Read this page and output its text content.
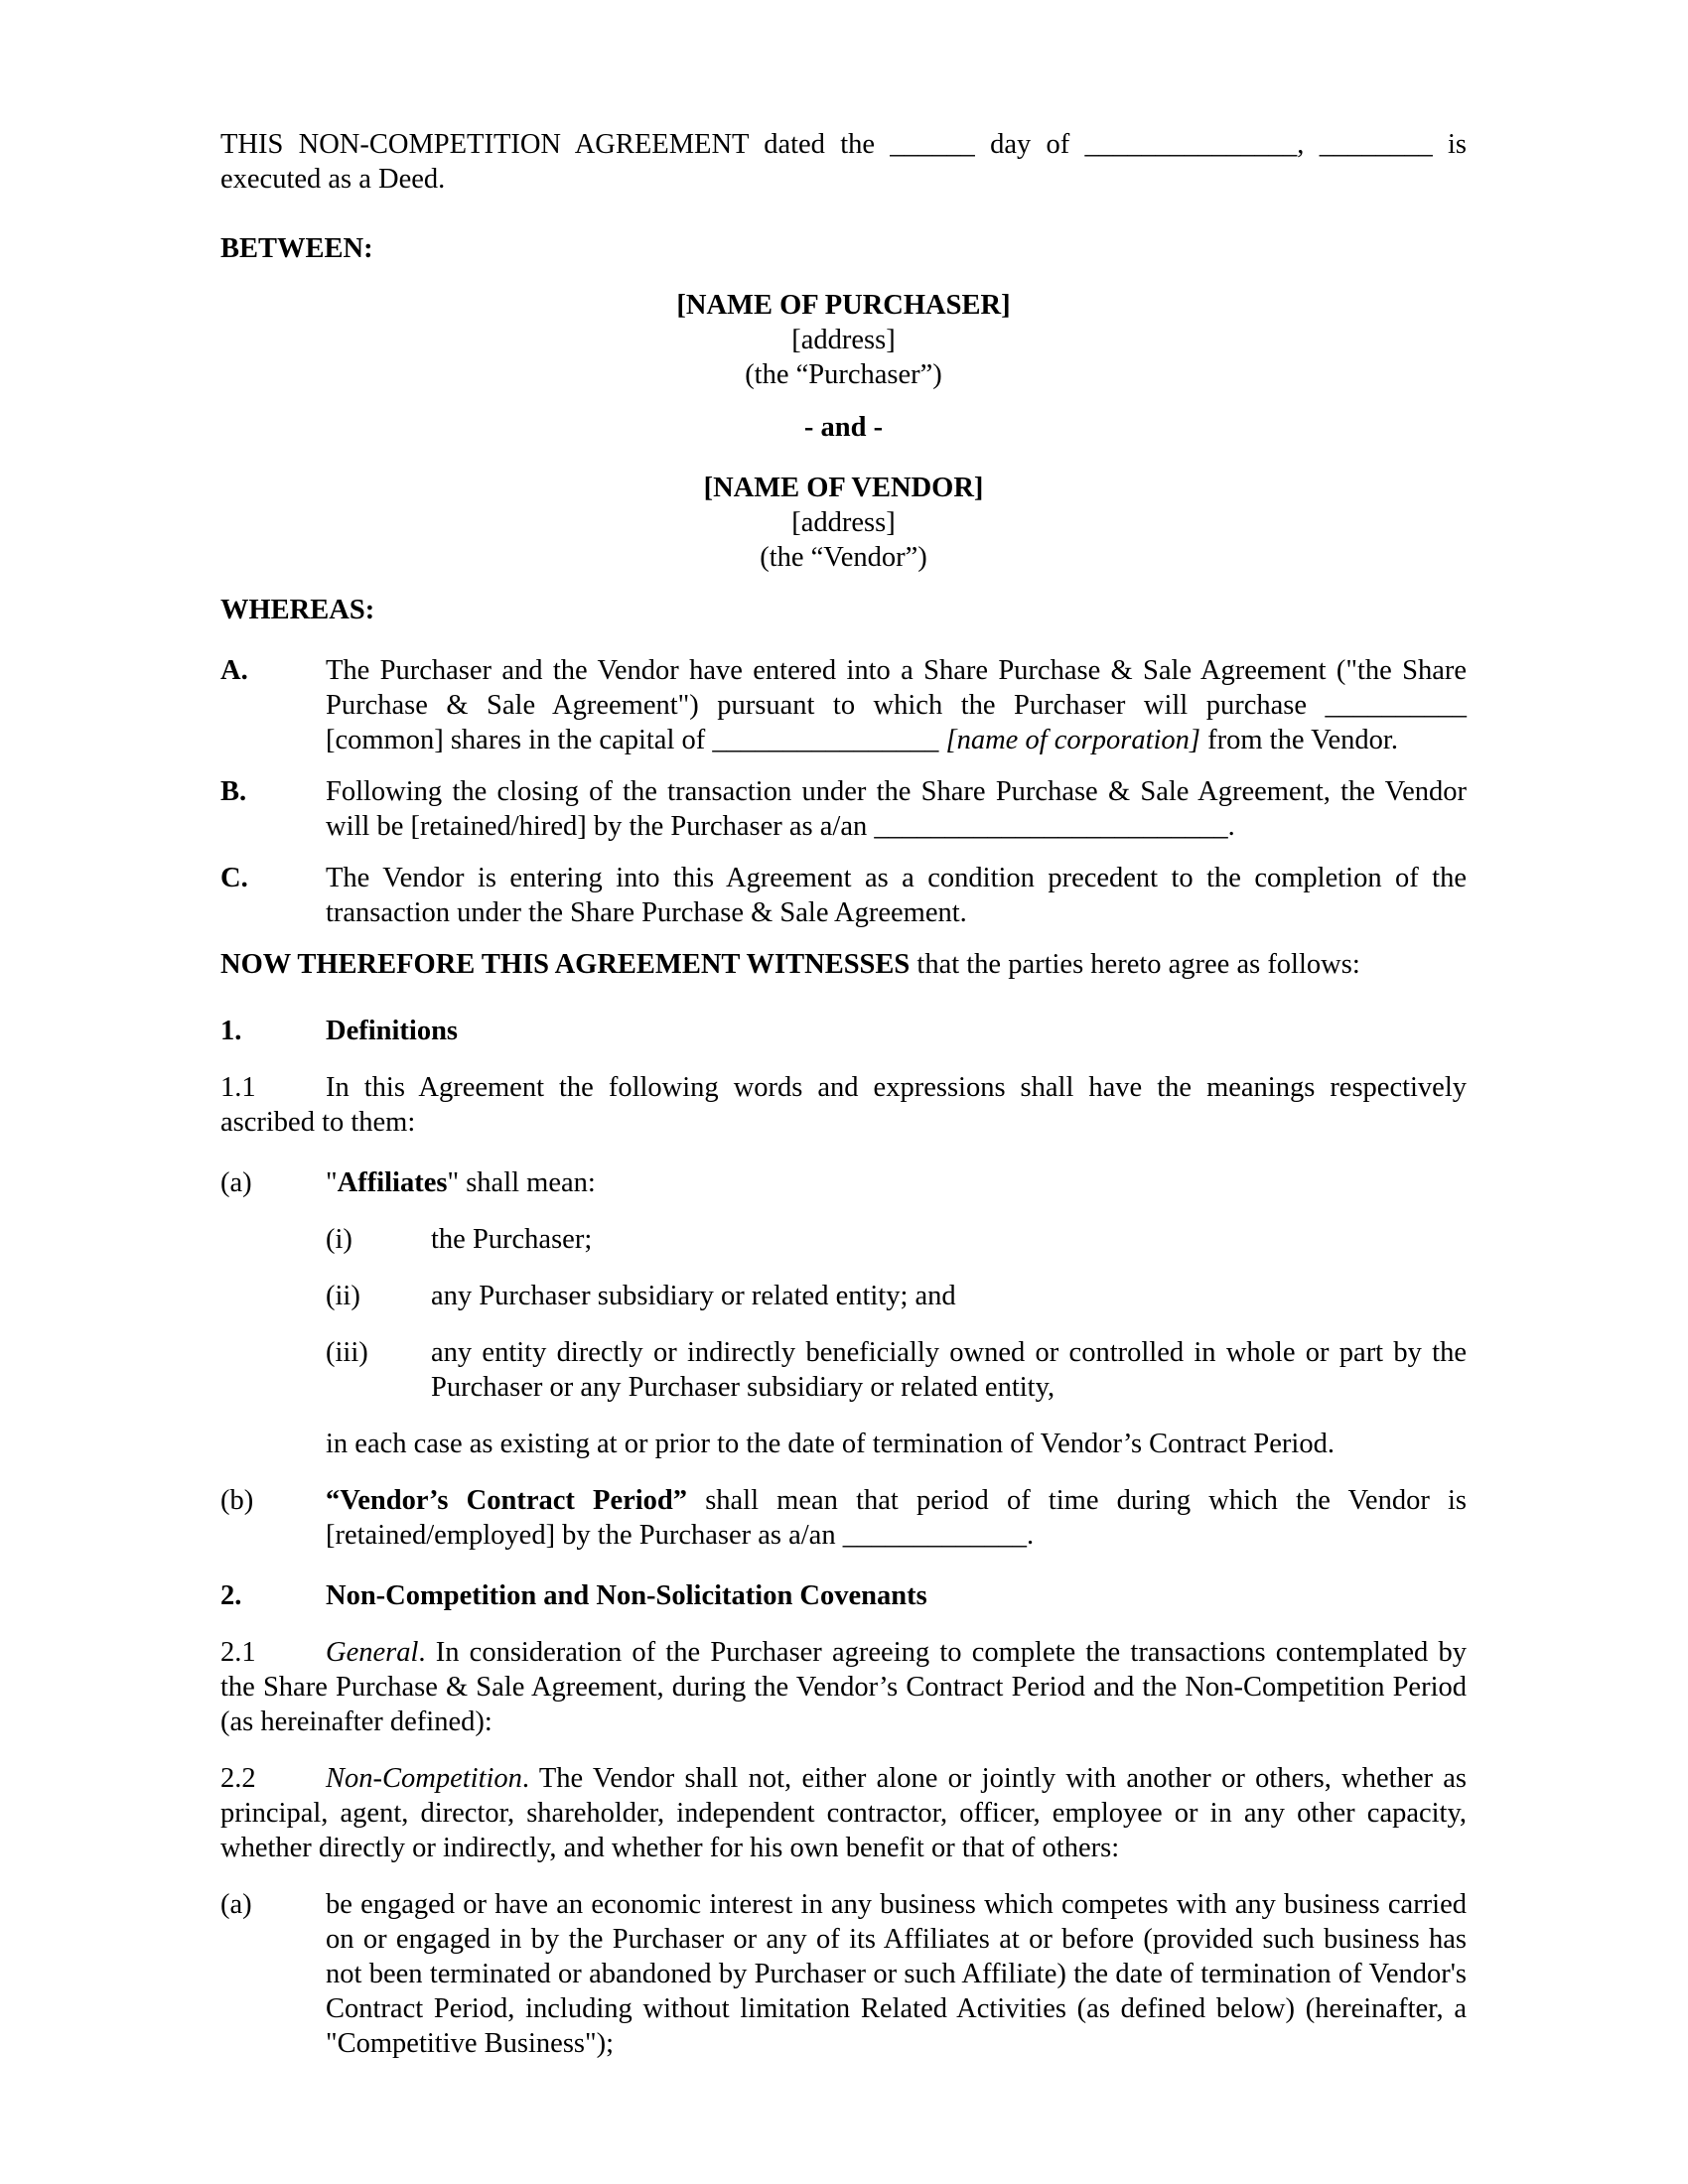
THIS NON-COMPETITION AGREEMENT dated the ______ day of _______________, ________ is executed as a Deed.
BETWEEN:
[NAME OF PURCHASER]
[address]
(the “Purchaser”)
- and -
[NAME OF VENDOR]
[address]
(the “Vendor”)
WHEREAS:
A.	The Purchaser and the Vendor have entered into a Share Purchase & Sale Agreement ("the Share Purchase & Sale Agreement") pursuant to which the Purchaser will purchase __________ [common] shares in the capital of ________________ [name of corporation] from the Vendor.
B.	Following the closing of the transaction under the Share Purchase & Sale Agreement, the Vendor will be [retained/hired] by the Purchaser as a/an _________________________.
C.	The Vendor is entering into this Agreement as a condition precedent to the completion of the transaction under the Share Purchase & Sale Agreement.
NOW THEREFORE THIS AGREEMENT WITNESSES that the parties hereto agree as follows:
1.	Definitions
1.1 In this Agreement the following words and expressions shall have the meanings respectively ascribed to them:
(a)	"Affiliates" shall mean:
(i)	the Purchaser;
(ii) any Purchaser subsidiary or related entity; and
(iii) any entity directly or indirectly beneficially owned or controlled in whole or part by the Purchaser or any Purchaser subsidiary or related entity,
in each case as existing at or prior to the date of termination of Vendor’s Contract Period.
(b)	“Vendor’s Contract Period” shall mean that period of time during which the Vendor is [retained/employed] by the Purchaser as a/an _____________.
2.	Non-Competition and Non-Solicitation Covenants
2.1 General. In consideration of the Purchaser agreeing to complete the transactions contemplated by the Share Purchase & Sale Agreement, during the Vendor’s Contract Period and the Non-Competition Period (as hereinafter defined):
2.2 Non-Competition. The Vendor shall not, either alone or jointly with another or others, whether as principal, agent, director, shareholder, independent contractor, officer, employee or in any other capacity, whether directly or indirectly, and whether for his own benefit or that of others:
(a)	be engaged or have an economic interest in any business which competes with any business carried on or engaged in by the Purchaser or any of its Affiliates at or before (provided such business has not been terminated or abandoned by Purchaser or such Affiliate) the date of termination of Vendor's Contract Period, including without limitation Related Activities (as defined below) (hereinafter, a "Competitive Business");
